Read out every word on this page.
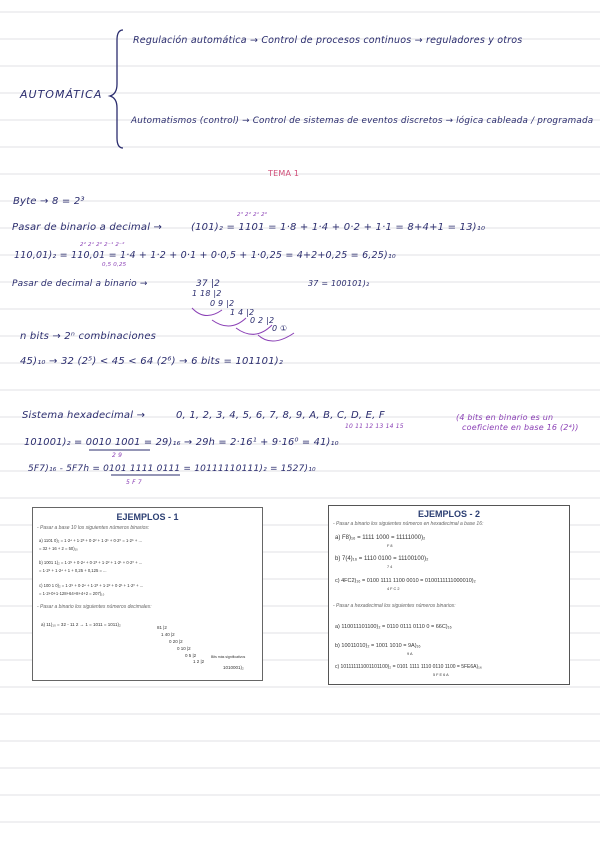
AUTOMÁTICA
Regulación automática → Control de procesos continuos → reguladores y otros
Automatismos (control) → Control de sistemas de eventos discretos → lógica cableada / programada
TEMA 1
Byte → 8 = 2³
2³ 2² 2¹ 2⁰
Pasar de binario a decimal →	(101)₂ = 1101 = 1·8 + 1·4 + 0·2 + 1·1 = 8+4+1 = 13)₁₀
2² 2¹ 2⁰ 2⁻¹ 2⁻²
110,01)₂ = 110,01 = 1·4 + 1·2 + 0·1 + 0·0,5 + 1·0,25 = 4+2+0,25 = 6,25)₁₀
0,5 0,25
Pasar de decimal a binario →	37 |2
1 18 |2
0 9 |2
1 4 |2
0 2 |2
0 ①
37 = 100101)₂
n bits → 2ⁿ combinaciones
45)₁₀ → 32 (2⁵) < 45 < 64 (2⁶) → 6 bits = 101101)₂
Sistema hexadecimal →	0, 1, 2, 3, 4, 5, 6, 7, 8, 9, A, B, C, D, E, F
10 11 12 13 14 15
(4 bits en binario es un
coeficiente en base 16 (2⁴))
101001)₂ = 0010 1001 = 29)₁₆ → 29h = 2·16¹ + 9·16⁰ = 41)₁₀
2 9
5F7)₁₆ - 5F7h = 0101 1111 0111 = 10111110111)₂ = 1527)₁₀
5 F 7
EJEMPLOS - 1
- Pasar a base 10 los siguientes números binarios:
a) 1101 0)₂ = 1·2⁴ + 1·2³ + 0·2² + 1·2¹ + 0·2⁰ = 1·2⁵ + ...
= 32 + 16 + 2 = 50)₁₀
b) 1001 1)₂ = 1·2⁵ + 0·2⁴ + 0·2³ + 1·2² + 1·2¹ + 0·2⁰ + ...
= 1·2⁵ + 1·2⁴ + 1 + 0,25 + 0,125 = ...
c) 100 1 0)₂ = 1·2⁵ + 0·2⁴ + 1·2³ + 1·2² + 0·2¹ + 1·2⁰ + ...
= 1·2+0+1·128+64+8+4+2 = 207)₁₀
- Pasar a binario los siguientes números decimales:
a) 11)₁₀ = 32 - 11 2 → 1 = 1011 = 1011)₂
81 |2
1 40 |2
0 20 |2
0 10 |2
0 5 |2
1 2 |2
Bits más significativos
1010001)₂
EJEMPLOS - 2
- Pasar a binario los siguientes números en hexadecimal a base 16:
a) F8)₁₆ = 1111 1000 = 11111000)₂
F 8
b) 7(4)₁₆ = 1110 0100 = 11100100)₂
7 4
c) 4FC2)₁₆ = 0100 1111 1100 0010 = 0100111111000010)₂
4 F C 2
- Pasar a hexadecimal los siguientes números binarios:
a) 110011101100)₂ = 0110 0111 0110 0 = 66C)₁₆
b) 10011010)₂ = 1001 1010 = 9A)₁₆
9 A
c) 101111111001101100)₂ = 0101 1111 1110 0110 1100 = 5FE6A)₁₆
5 F E 6 A
